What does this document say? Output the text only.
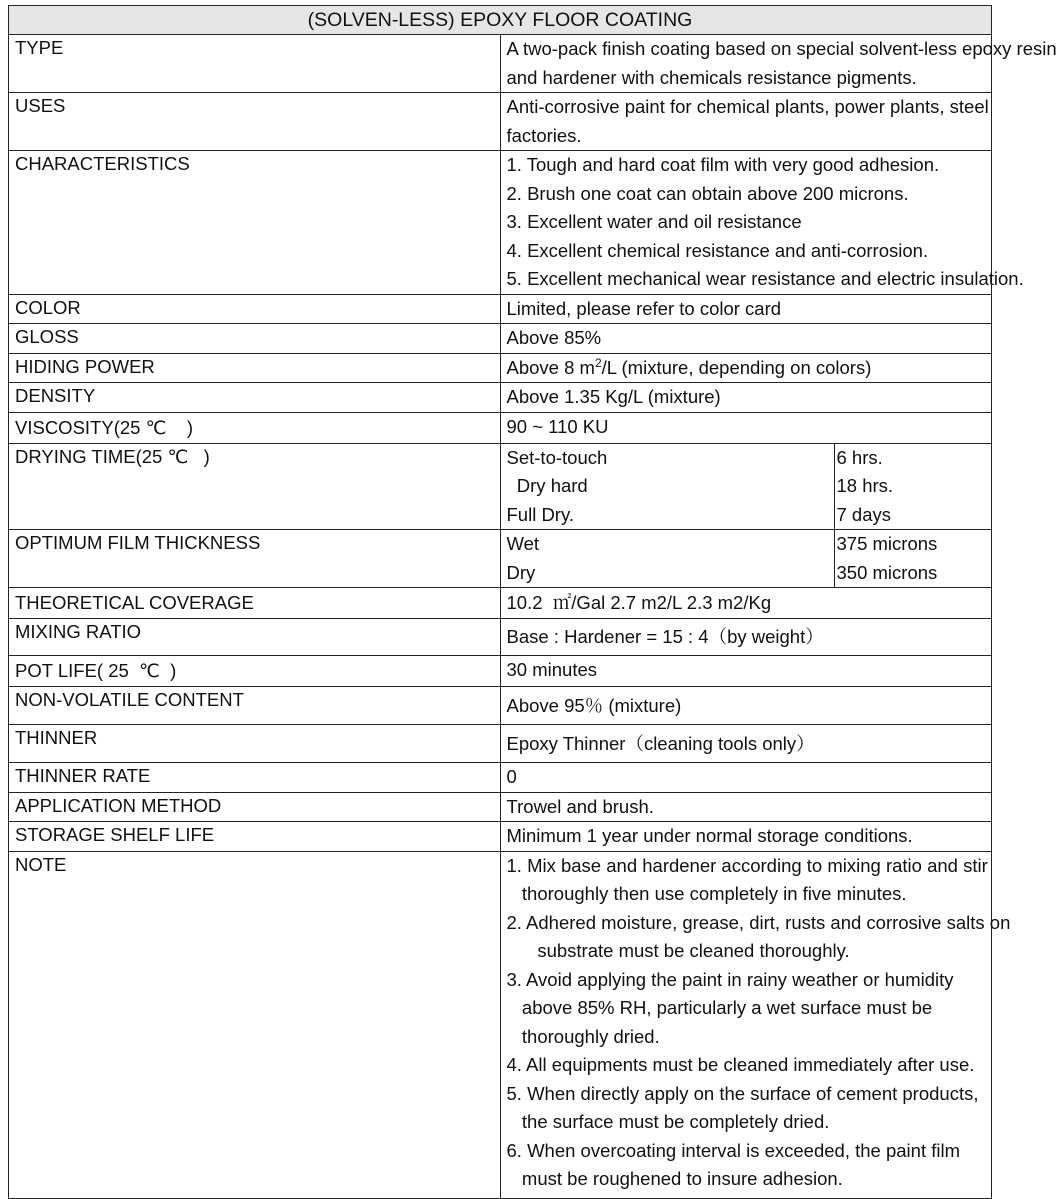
(SOLVEN-LESS) EPOXY FLOOR COATING
TYPE	A two-pack finish coating based on special solvent-less epoxy resin
and hardener with chemicals resistance pigments.

USES	Anti-corrosive paint for chemical plants, power plants, steel
factories.

CHARACTERISTICS	1. Tough and hard coat film with very good adhesion.
2. Brush one coat can obtain above 200 microns.
3. Excellent water and oil resistance
4. Excellent chemical resistance and anti-corrosion.
5. Excellent mechanical wear resistance and electric insulation.

COLOR	Limited, please refer to color card
GLOSS	Above 85%
HIDING POWER	Above 8 $m^2/L$ (mixture, depending on colors)
DENSITY	Above 1.35 Kg/L (mixture)
VISCOSITY(25 ℃    )	90 ~ 110 KU
DRYING TIME(25 ℃   )		Set-to-touch	6 hrs.
Dry hard	18 hrs.
Full Dry.	7 days

OPTIMUM FILM THICKNESS		Wet	375 microns
Dry	350 microns

THEORETICAL COVERAGE	10.2  ㎡/Gal 2.7 m2/L 2.3 m2/Kg
MIXING RATIO	Base : Hardener = 15 : 4（by weight）
POT LIFE( 25  ℃  )	30 minutes
NON-VOLATILE CONTENT	Above 95％ (mixture)
THINNER	Epoxy Thinner（cleaning tools only）
THINNER RATE	0
APPLICATION METHOD	Trowel and brush.
STORAGE SHELF LIFE	Minimum 1 year under normal storage conditions.
NOTE	1. Mix base and hardener according to mixing ratio and stir
thoroughly then use completely in five minutes.
2. Adhered moisture, grease, dirt, rusts and corrosive salts on
substrate must be cleaned thoroughly.
3. Avoid applying the paint in rainy weather or humidity
above 85% RH, particularly a wet surface must be
thoroughly dried.
4. All equipments must be cleaned immediately after use.
5. When directly apply on the surface of cement products,
the surface must be completely dried.
6. When overcoating interval is exceeded, the paint film
must be roughened to insure adhesion.
